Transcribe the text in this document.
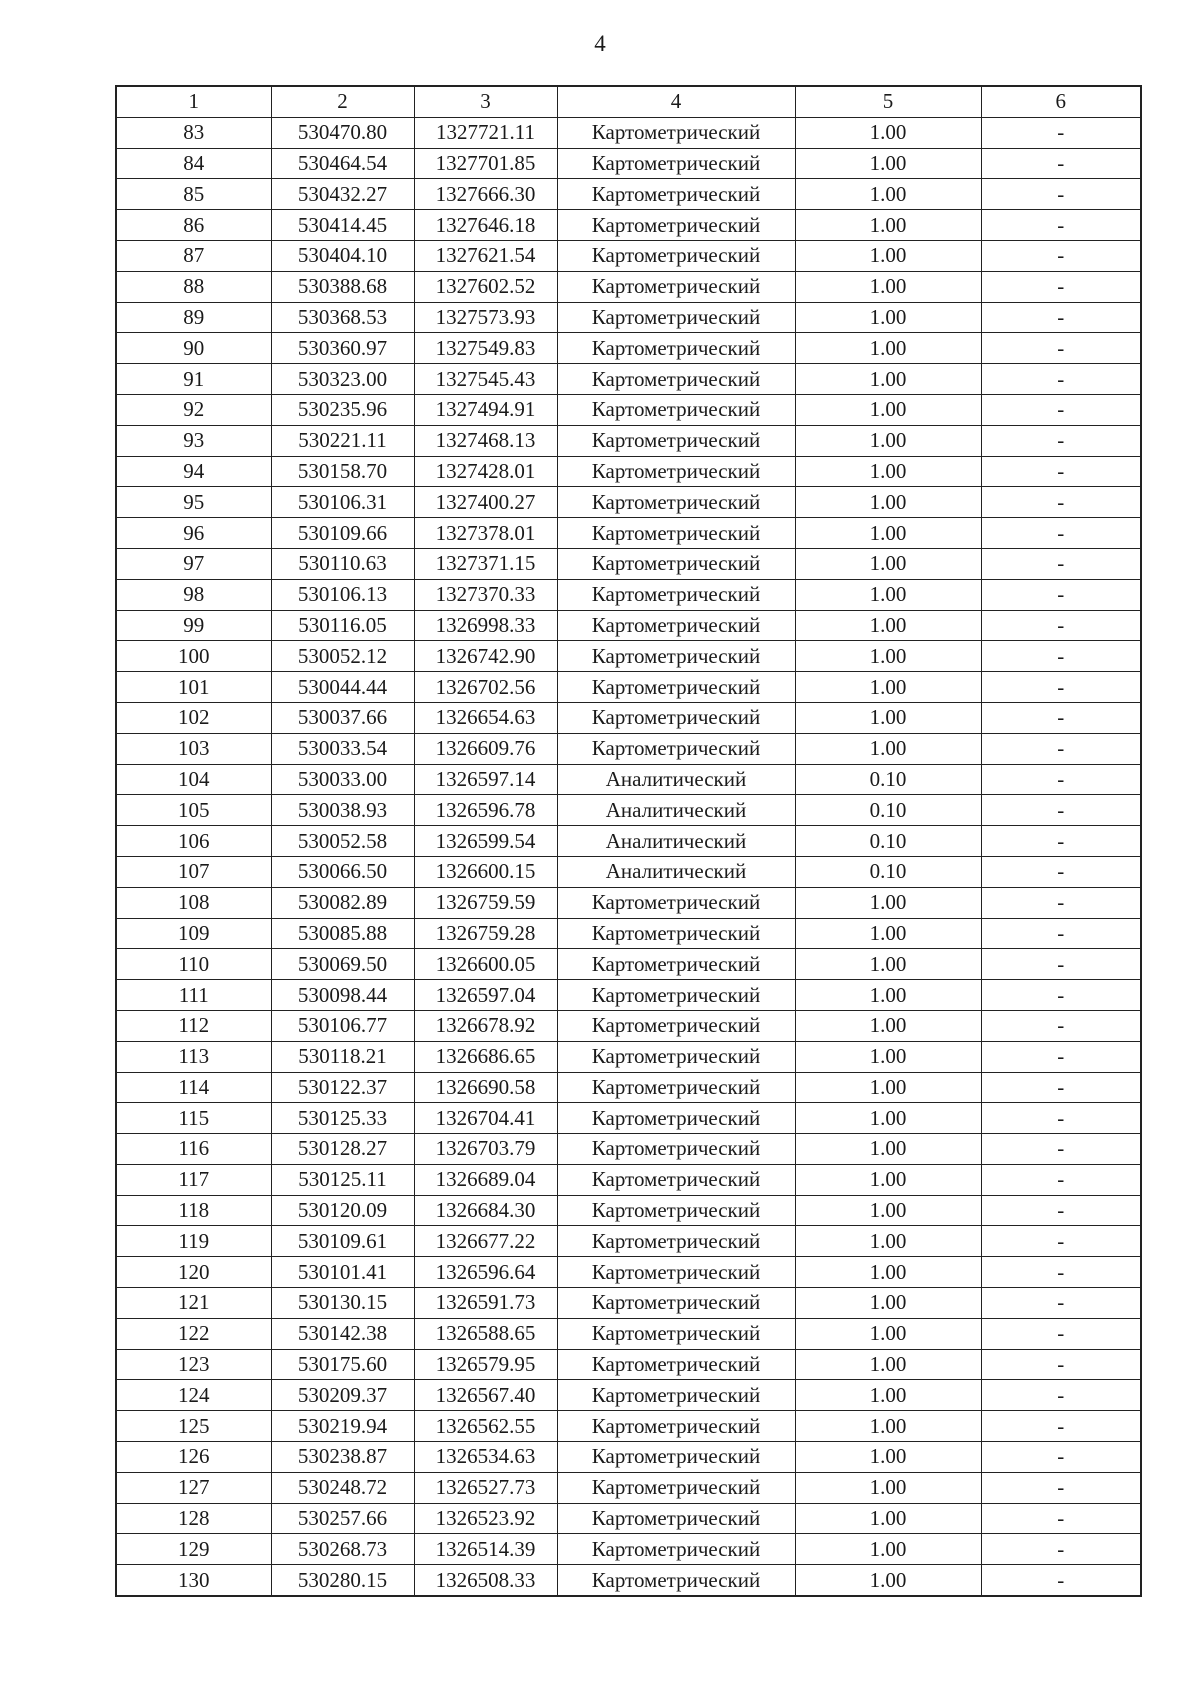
4
1	2	3	4	5	6
83	530470.80	1327721.11	Картометрический	1.00	-
84	530464.54	1327701.85	Картометрический	1.00	-
85	530432.27	1327666.30	Картометрический	1.00	-
86	530414.45	1327646.18	Картометрический	1.00	-
87	530404.10	1327621.54	Картометрический	1.00	-
88	530388.68	1327602.52	Картометрический	1.00	-
89	530368.53	1327573.93	Картометрический	1.00	-
90	530360.97	1327549.83	Картометрический	1.00	-
91	530323.00	1327545.43	Картометрический	1.00	-
92	530235.96	1327494.91	Картометрический	1.00	-
93	530221.11	1327468.13	Картометрический	1.00	-
94	530158.70	1327428.01	Картометрический	1.00	-
95	530106.31	1327400.27	Картометрический	1.00	-
96	530109.66	1327378.01	Картометрический	1.00	-
97	530110.63	1327371.15	Картометрический	1.00	-
98	530106.13	1327370.33	Картометрический	1.00	-
99	530116.05	1326998.33	Картометрический	1.00	-
100	530052.12	1326742.90	Картометрический	1.00	-
101	530044.44	1326702.56	Картометрический	1.00	-
102	530037.66	1326654.63	Картометрический	1.00	-
103	530033.54	1326609.76	Картометрический	1.00	-
104	530033.00	1326597.14	Аналитический	0.10	-
105	530038.93	1326596.78	Аналитический	0.10	-
106	530052.58	1326599.54	Аналитический	0.10	-
107	530066.50	1326600.15	Аналитический	0.10	-
108	530082.89	1326759.59	Картометрический	1.00	-
109	530085.88	1326759.28	Картометрический	1.00	-
110	530069.50	1326600.05	Картометрический	1.00	-
111	530098.44	1326597.04	Картометрический	1.00	-
112	530106.77	1326678.92	Картометрический	1.00	-
113	530118.21	1326686.65	Картометрический	1.00	-
114	530122.37	1326690.58	Картометрический	1.00	-
115	530125.33	1326704.41	Картометрический	1.00	-
116	530128.27	1326703.79	Картометрический	1.00	-
117	530125.11	1326689.04	Картометрический	1.00	-
118	530120.09	1326684.30	Картометрический	1.00	-
119	530109.61	1326677.22	Картометрический	1.00	-
120	530101.41	1326596.64	Картометрический	1.00	-
121	530130.15	1326591.73	Картометрический	1.00	-
122	530142.38	1326588.65	Картометрический	1.00	-
123	530175.60	1326579.95	Картометрический	1.00	-
124	530209.37	1326567.40	Картометрический	1.00	-
125	530219.94	1326562.55	Картометрический	1.00	-
126	530238.87	1326534.63	Картометрический	1.00	-
127	530248.72	1326527.73	Картометрический	1.00	-
128	530257.66	1326523.92	Картометрический	1.00	-
129	530268.73	1326514.39	Картометрический	1.00	-
130	530280.15	1326508.33	Картометрический	1.00	-
